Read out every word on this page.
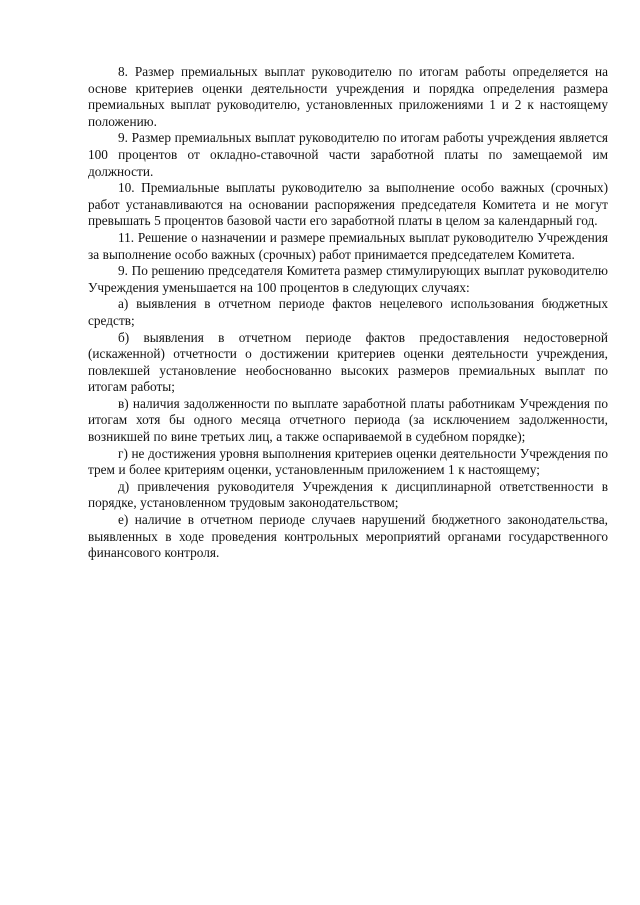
8. Размер премиальных выплат руководителю по итогам работы определяется на основе критериев оценки деятельности учреждения и порядка определения размера премиальных выплат руководителю, установленных приложениями 1 и 2 к настоящему положению.

9. Размер премиальных выплат руководителю по итогам работы учреждения является 100 процентов от окладно-ставочной части заработной платы по замещаемой им должности.

10. Премиальные выплаты руководителю за выполнение особо важных (срочных) работ устанавливаются на основании распоряжения председателя Комитета и не могут превышать 5 процентов базовой части его заработной платы в целом за календарный год.

11. Решение о назначении и размере премиальных выплат руководителю Учреждения за выполнение особо важных (срочных) работ принимается председателем Комитета.

9. По решению председателя Комитета размер стимулирующих выплат руководителю Учреждения уменьшается на 100 процентов в следующих случаях:

а) выявления в отчетном периоде фактов нецелевого использования бюджетных средств;

б) выявления в отчетном периоде фактов предоставления недостоверной (искаженной) отчетности о достижении критериев оценки деятельности учреждения, повлекшей установление необоснованно высоких размеров премиальных выплат по итогам работы;

в) наличия задолженности по выплате заработной платы работникам Учреждения по итогам хотя бы одного месяца отчетного периода (за исключением задолженности, возникшей по вине третьих лиц, а также оспариваемой в судебном порядке);

г) не достижения уровня выполнения критериев оценки деятельности Учреждения по трем и более критериям оценки, установленным приложением 1 к настоящему;

д) привлечения руководителя Учреждения к дисциплинарной ответственности в порядке, установленном трудовым законодательством;

е) наличие в отчетном периоде случаев нарушений бюджетного законодательства, выявленных в ходе проведения контрольных мероприятий органами государственного финансового контроля.
